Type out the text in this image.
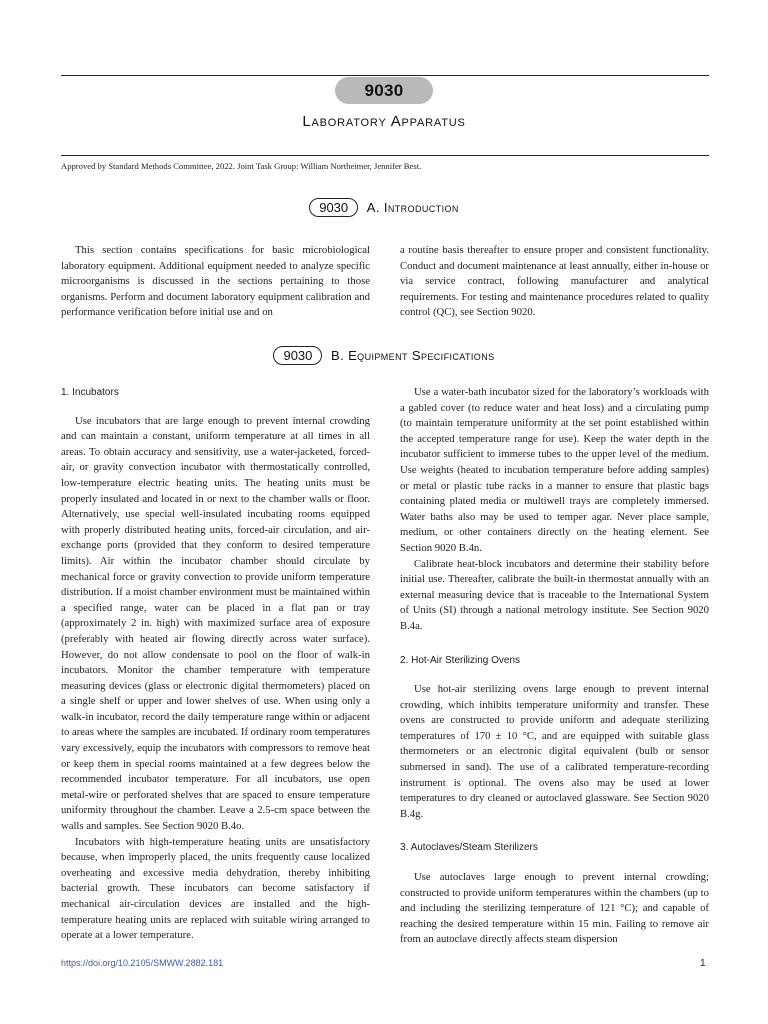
9030
Laboratory Apparatus
Approved by Standard Methods Committee, 2022. Joint Task Group: William Northeimer, Jennifer Best.
9030 A. Introduction

This section contains specifications for basic microbiological laboratory equipment. Additional equipment needed to analyze specific microorganisms is discussed in the sections pertaining to those organisms. Perform and document laboratory equipment calibration and performance verification before initial use and on

a routine basis thereafter to ensure proper and consistent functionality. Conduct and document maintenance at least annually, either in-house or via service contract, following manufacturer and analytical requirements. For testing and maintenance procedures related to quality control (QC), see Section 9020.

9030 B. Equipment Specifications

1. Incubators

Use incubators that are large enough to prevent internal crowding and can maintain a constant, uniform temperature at all times in all areas. To obtain accuracy and sensitivity, use a water-jacketed, forced-air, or gravity convection incubator with thermostatically controlled, low-temperature electric heating units. The heating units must be properly insulated and located in or next to the chamber walls or floor. Alternatively, use special well-insulated incubating rooms equipped with properly distributed heating units, forced-air circulation, and air-exchange ports (provided that they conform to desired temperature limits). Air within the incubator chamber should circulate by mechanical force or gravity convection to provide uniform temperature distribution. If a moist chamber environment must be maintained within a specified range, water can be placed in a flat pan or tray (approximately 2 in. high) with maximized surface area of exposure (preferably with heated air flowing directly across water surface). However, do not allow condensate to pool on the floor of walk-in incubators. Monitor the chamber temperature with temperature measuring devices (glass or electronic digital thermometers) placed on a single shelf or upper and lower shelves of use. When using only a walk-in incubator, record the daily temperature range within or adjacent to areas where the samples are incubated. If ordinary room temperatures vary excessively, equip the incubators with compressors to remove heat or keep them in special rooms maintained at a few degrees below the recommended incubator temperature. For all incubators, use open metal-wire or perforated shelves that are spaced to ensure temperature uniformity throughout the chamber. Leave a 2.5-cm space between the walls and samples. See Section 9020 B.4o.

Incubators with high-temperature heating units are unsatisfactory because, when improperly placed, the units frequently cause localized overheating and excessive media dehydration, thereby inhibiting bacterial growth. These incubators can become satisfactory if mechanical air-circulation devices are installed and the high-temperature heating units are replaced with suitable wiring arranged to operate at a lower temperature.

Use a water-bath incubator sized for the laboratory’s workloads with a gabled cover (to reduce water and heat loss) and a circulating pump (to maintain temperature uniformity at the set point established within the accepted temperature range for use). Keep the water depth in the incubator sufficient to immerse tubes to the upper level of the medium. Use weights (heated to incubation temperature before adding samples) or metal or plastic tube racks in a manner to ensure that plastic bags containing plated media or multiwell trays are completely immersed. Water baths also may be used to temper agar. Never place sample, medium, or other containers directly on the heating element. See Section 9020 B.4n.

Calibrate heat-block incubators and determine their stability before initial use. Thereafter, calibrate the built-in thermostat annually with an external measuring device that is traceable to the International System of Units (SI) through a national metrology institute. See Section 9020 B.4a.

2. Hot-Air Sterilizing Ovens

Use hot-air sterilizing ovens large enough to prevent internal crowding, which inhibits temperature uniformity and transfer. These ovens are constructed to provide uniform and adequate sterilizing temperatures of 170 ± 10 °C, and are equipped with suitable glass thermometers or an electronic digital equivalent (bulb or sensor submersed in sand). The use of a calibrated temperature-recording instrument is optional. The ovens also may be used at lower temperatures to dry cleaned or autoclaved glassware. See Section 9020 B.4g.

3. Autoclaves/Steam Sterilizers

Use autoclaves large enough to prevent internal crowding; constructed to provide uniform temperatures within the chambers (up to and including the sterilizing temperature of 121 °C); and capable of reaching the desired temperature within 15 min. Failing to remove air from an autoclave directly affects steam dispersion

https://doi.org/10.2105/SMWW.2882.181	1
